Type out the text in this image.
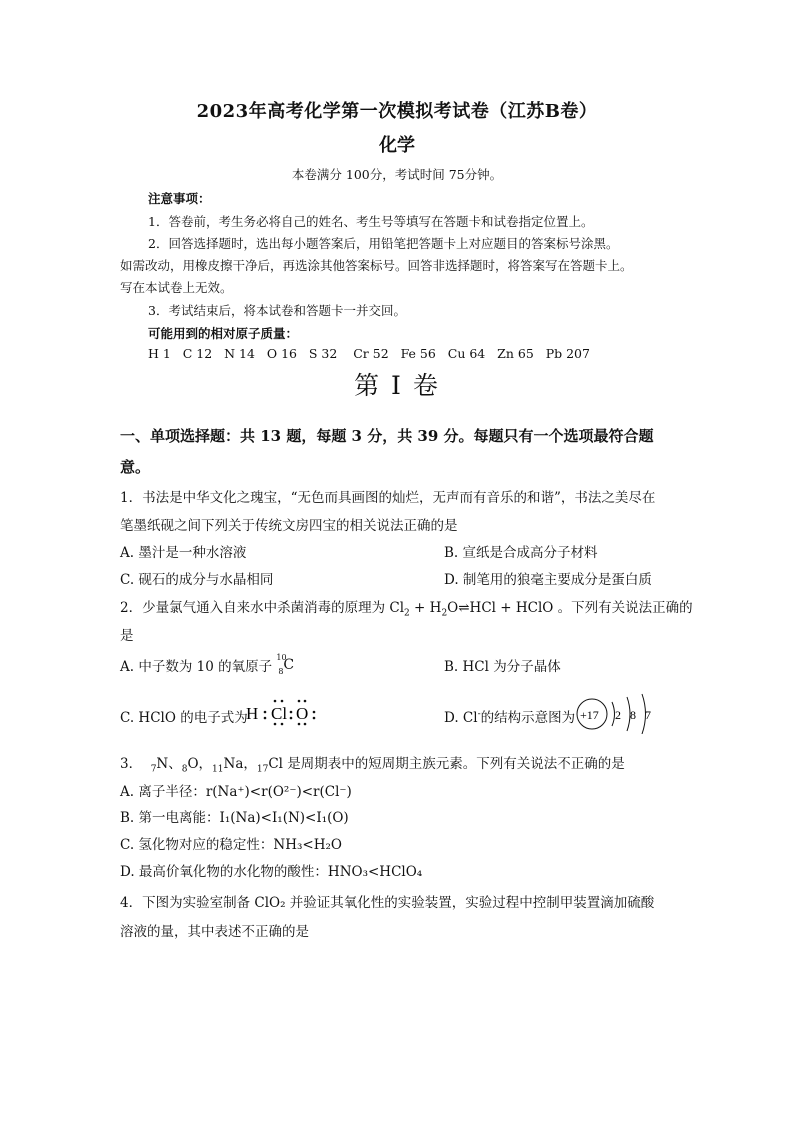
2023年高考化学第一次模拟考试卷（江苏B卷）
化学
本卷满分 100分，考试时间 75分钟。
注意事项：
1．答卷前，考生务必将自己的姓名、考生号等填写在答题卡和试卷指定位置上。
2．回答选择题时，选出每小题答案后，用铅笔把答题卡上对应题目的答案标号涂黑。
如需改动，用橡皮擦干净后，再选涂其他答案标号。回答非选择题时，将答案写在答题卡上。
写在本试卷上无效。
3．考试结束后，将本试卷和答题卡一并交回。
可能用到的相对原子质量：
H 1   C 12   N 14   O 16   S 32    Cr 52   Fe 56   Cu 64   Zn 65   Pb 207
第 I 卷
一、单项选择题：共 13 题，每题 3 分，共 39 分。每题只有一个选项最符合题
意。
1．书法是中华文化之瑰宝，“无色而具画图的灿烂，无声而有音乐的和谐”，书法之美尽在
笔墨纸砚之间下列关于传统文房四宝的相关说法正确的是
A. 墨汁是一种水溶液	B. 宣纸是合成高分子材料
C. 砚石的成分与水晶相同	D. 制笔用的狼毫主要成分是蛋白质
2．少量氯气通入自来水中杀菌消毒的原理为 $Cl_2$ + $H_2O\rightleftharpoons HCl$ + HClO 。下列有关说法正确的
是
A. 中子数为 10 的氧原子
10
8 C	B. HCl 为分子晶体
C. HClO 的电子式为
H Cl O	D. Cl-的结构示意图为 +17 2 8 7
3． $_7$N、$_8$O，$_{11}$Na，$_{17}$Cl 是周期表中的短周期主族元素。下列有关说法不正确的是
A. 离子半径：r(Na⁺)<r(O²⁻)<r(Cl⁻)
B. 第一电离能：I₁(Na)<I₁(N)<I₁(O)
C. 氢化物对应的稳定性：NH₃<H₂O
D. 最高价氧化物的水化物的酸性：HNO₃<HClO₄
4．下图为实验室制备 ClO₂ 并验证其氧化性的实验装置，实验过程中控制甲装置滴加硫酸
溶液的量，其中表述不正确的是
